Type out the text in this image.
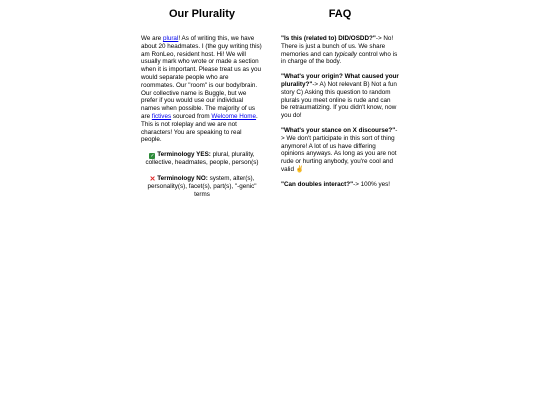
Our Plurality

We are plural! As of writing this, we have about 20 headmates. I (the guy writing this) am RonLeo, resident host. Hi! We will usually mark who wrote or made a section when it is important. Please treat us as you would separate people who are roommates. Our "room" is our body/brain. Our collective name is Buggle, but we prefer if you would use our individual names when possible. The majority of us are fictives sourced from Welcome Home. This is not roleplay and we are not characters! You are speaking to real people.

✓ Terminology YES: plural, plurality, collective, headmates, people, person(s)

✕ Terminology NO: system, alter(s), personality(s), facet(s), part(s), "-genic" terms

FAQ

"Is this (related to) DID/OSDD?"-> No! There is just a bunch of us. We share memories and can typically control who is in charge of the body.

"What's your origin? What caused your plurality?"-> A) Not relevant B) Not a fun story C) Asking this question to random plurals you meet online is rude and can be retraumatizing. If you didn't know, now you do!

"What's your stance on X discourse?"-> We don't participate in this sort of thing anymore! A lot of us have differing opinions anyways. As long as you are not rude or hurting anybody, you're cool and valid ✌

"Can doubles interact?"-> 100% yes!
